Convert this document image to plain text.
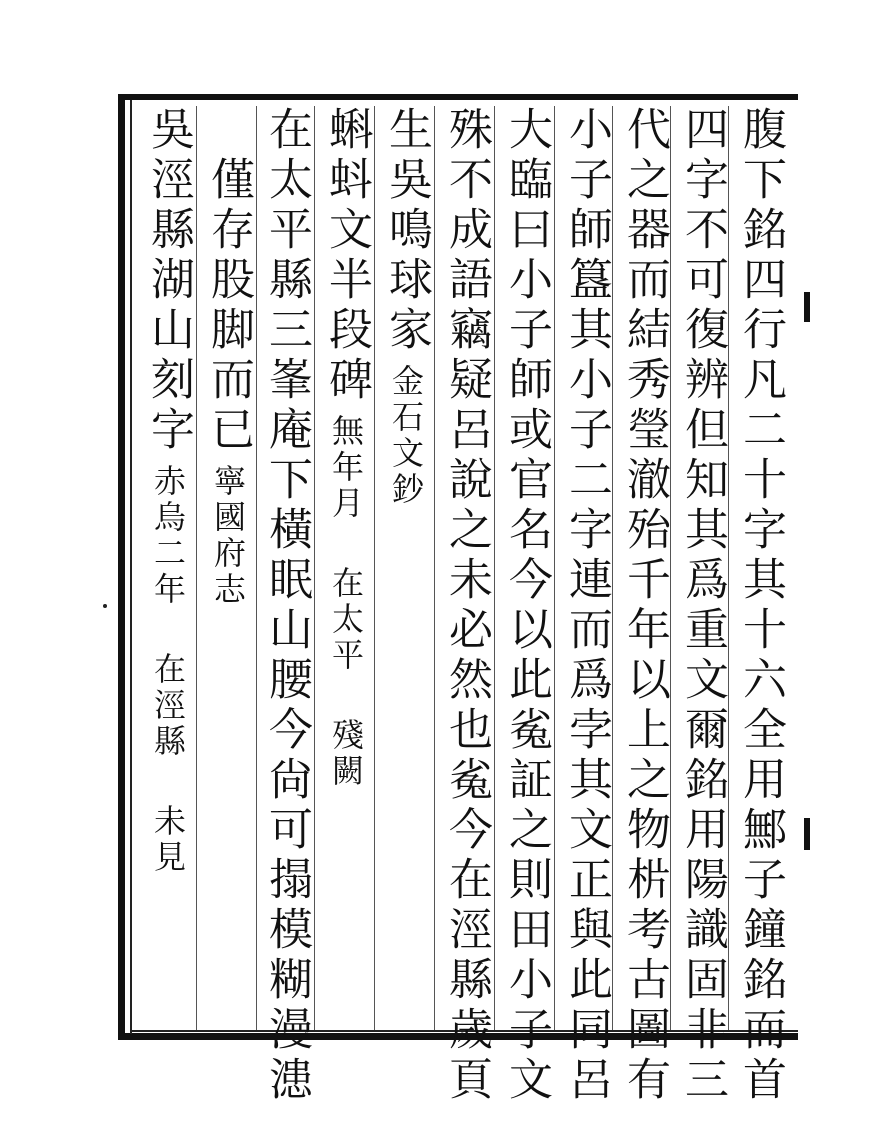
腹下銘四行凡二十字其十六全用鄦子鐘銘而首
四字不可復辨但知其爲重文爾銘用陽識固非三
代之器而結秀瑩澈殆千年以上之物㭊考古圖有
小子師簋其小子二字連而爲孛其文正與此同呂
大臨曰小子師或官名今以此㝹証之則田小子文
殊不成語竊疑呂說之未必然也㝹今在涇縣歲頁
生吳鳴球家
金石文鈔
蝌蚪文半段碑
無年月
在太平
殘闕
在太平縣三峯庵下橫眠山腰今尙可搨模糊漫漶
僅存股脚而已
寧國府志
吳涇縣湖山刻字
赤烏二年
在涇縣
未見
